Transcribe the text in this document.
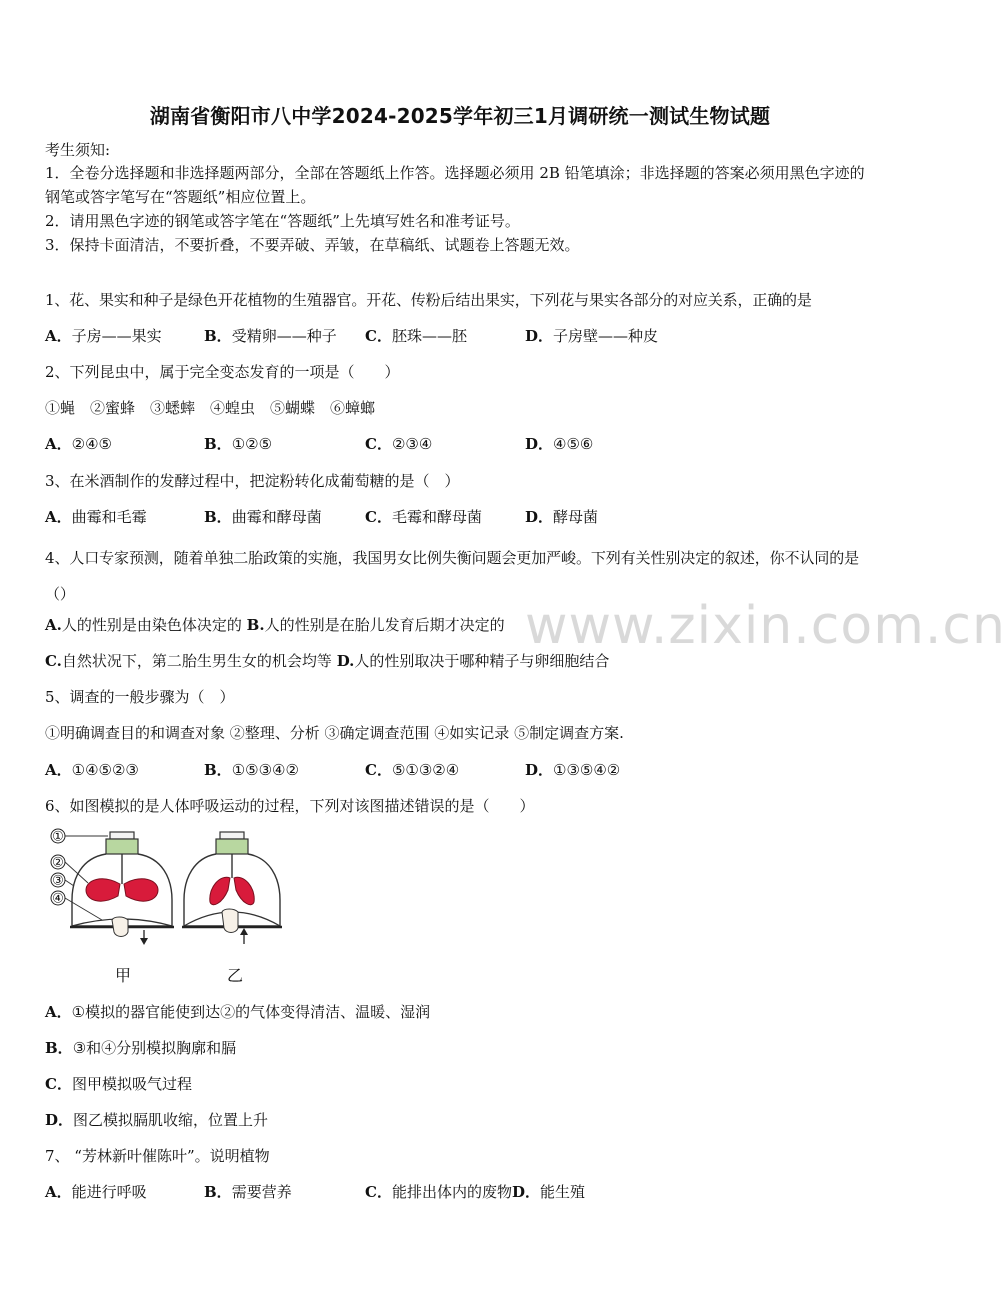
湖南省衡阳市八中学2024-2025学年初三1月调研统一测试生物试题
考生须知:
1．全卷分选择题和非选择题两部分，全部在答题纸上作答。选择题必须用 2B 铅笔填涂；非选择题的答案必须用黑色字迹的钢笔或答字笔写在“答题纸”相应位置上。
2．请用黑色字迹的钢笔或答字笔在“答题纸”上先填写姓名和准考证号。
3．保持卡面清洁，不要折叠，不要弄破、弄皱，在草稿纸、试题卷上答题无效。
www.zixin.com.cn
1、花、果实和种子是绿色开花植物的生殖器官。开花、传粉后结出果实，下列花与果实各部分的对应关系，正确的是
A．子房——果实	B．受精卵——种子 C．胚珠——胚	D．子房壁——种皮
2、下列昆虫中，属于完全变态发育的一项是（　　）
①蝇　②蜜蜂　③蟋蟀　④蝗虫　⑤蝴蝶　⑥蟑螂
A．②④⑤	B．①②⑤	C．②③④	D．④⑤⑥
3、在米酒制作的发酵过程中，把淀粉转化成葡萄糖的是（　）
A．曲霉和毛霉	B．曲霉和酵母菌	C．毛霉和酵母菌	D．酵母菌
4、人口专家预测，随着单独二胎政策的实施，我国男女比例失衡问题会更加严峻。下列有关性别决定的叙述，你不认同的是（）
A.人的性别是由染色体决定的 B.人的性别是在胎儿发育后期才决定的
C.自然状况下，第二胎生男生女的机会均等 D.人的性别取决于哪种精子与卵细胞结合
5、调查的一般步骤为（　）
①明确调查目的和调查对象 ②整理、分析 ③确定调查范围 ④如实记录 ⑤制定调查方案.
A．①④⑤②③	B．①⑤③④②	C．⑤①③②④	D．①③⑤④②
6、如图模拟的是人体呼吸运动的过程，下列对该图描述错误的是（　　）
①
②
③
④
甲	乙
A．①模拟的器官能使到达②的气体变得清洁、温暖、湿润
B．③和④分别模拟胸廓和膈
C．图甲模拟吸气过程
D．图乙模拟膈肌收缩，位置上升
7、 “芳林新叶催陈叶”。说明植物
A．能进行呼吸	B．需要营养	C．能排出体内的废物D．能生殖
